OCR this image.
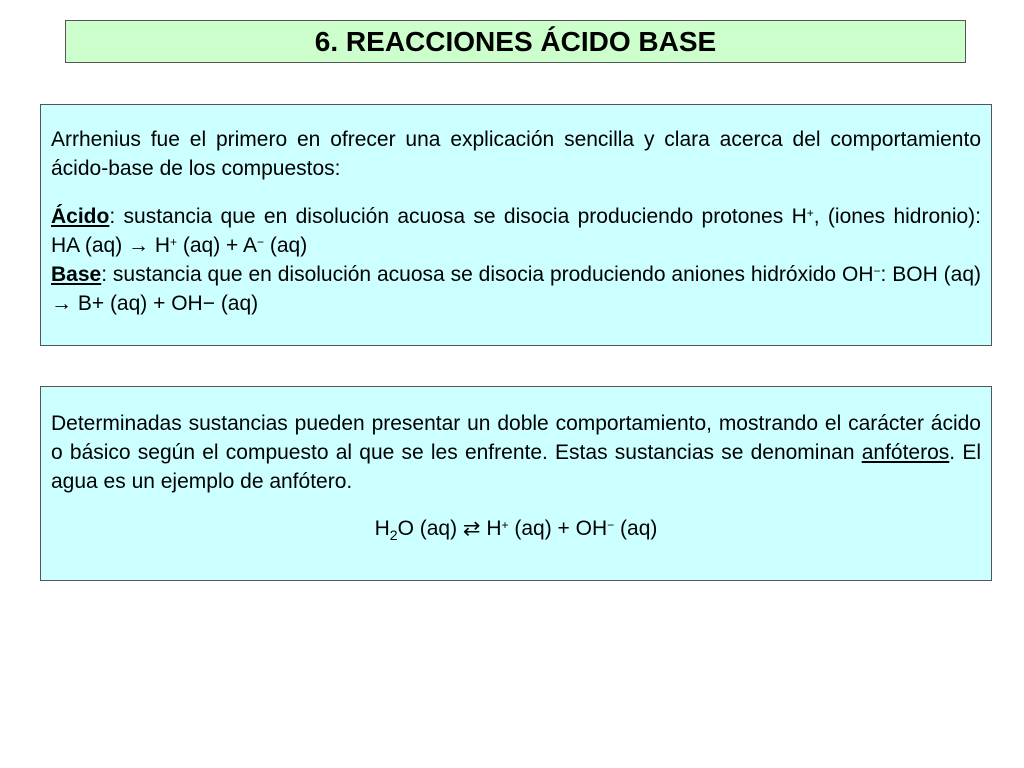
6. REACCIONES ÁCIDO BASE

Arrhenius fue el primero en ofrecer una explicación sencilla y clara acerca del comportamiento ácido-base de los compuestos:

Ácido: sustancia que en disolución acuosa se disocia produciendo protones H+, (iones hidronio): HA (aq) → H+ (aq) + A− (aq)

Base: sustancia que en disolución acuosa se disocia produciendo aniones hidróxido OH−: BOH (aq) → B+ (aq) + OH− (aq)

Determinadas sustancias pueden presentar un doble comportamiento, mostrando el carácter ácido o básico según el compuesto al que se les enfrente. Estas sustancias se denominan anfóteros. El agua es un ejemplo de anfótero.

$H_2O$ (aq) ⇄ H+ (aq) + OH− (aq)
